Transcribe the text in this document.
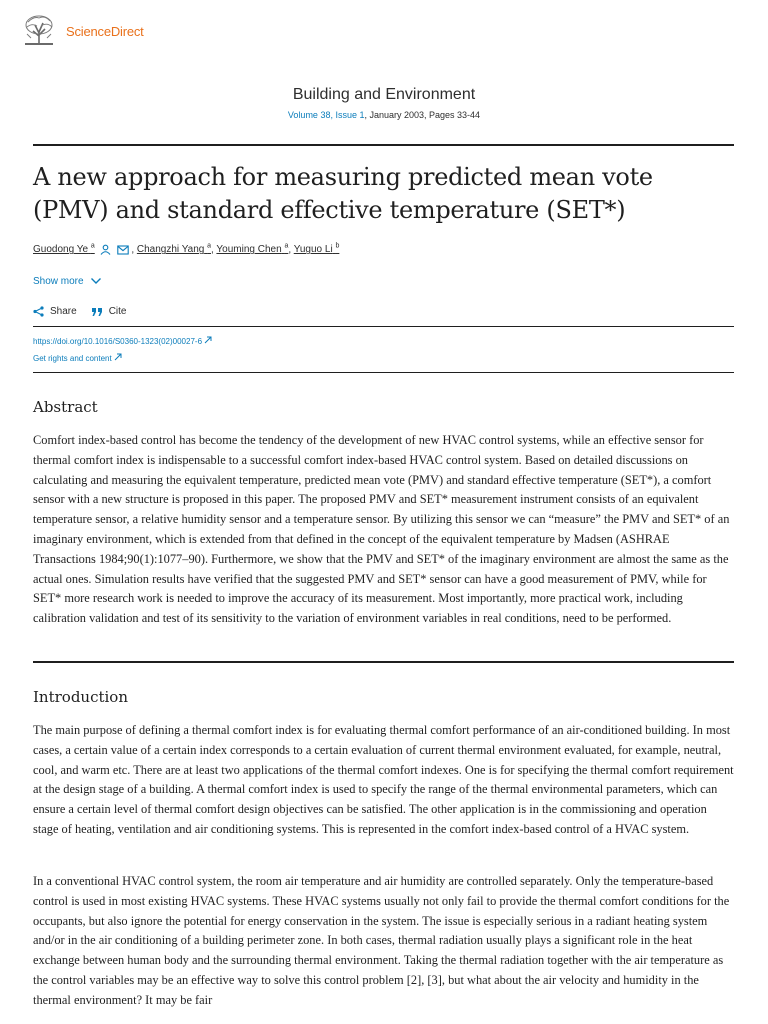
ScienceDirect
Building and Environment
Volume 38, Issue 1, January 2003, Pages 33-44
A new approach for measuring predicted mean vote (PMV) and standard effective temperature (SET*)
Guodong Ye $^a$	, Changzhi Yang $^a$, Youming Chen $^a$, Yuguo Li $^b$
Show more
Share	Cite
https://doi.org/10.1016/S0360-1323(02)00027-6
Get rights and content
Abstract

Comfort index-based control has become the tendency of the development of new HVAC control systems, while an effective sensor for thermal comfort index is indispensable to a successful comfort index-based HVAC control system. Based on detailed discussions on calculating and measuring the equivalent temperature, predicted mean vote (PMV) and standard effective temperature (SET*), a comfort sensor with a new structure is proposed in this paper. The proposed PMV and SET* measurement instrument consists of an equivalent temperature sensor, a relative humidity sensor and a temperature sensor. By utilizing this sensor we can “measure” the PMV and SET* of an imaginary environment, which is extended from that defined in the concept of the equivalent temperature by Madsen (ASHRAE Transactions 1984;90(1):1077–90). Furthermore, we show that the PMV and SET* of the imaginary environment are almost the same as the actual ones. Simulation results have verified that the suggested PMV and SET* sensor can have a good measurement of PMV, while for SET* more research work is needed to improve the accuracy of its measurement. Most importantly, more practical work, including calibration validation and test of its sensitivity to the variation of environment variables in real conditions, need to be performed.

Introduction

The main purpose of defining a thermal comfort index is for evaluating thermal comfort performance of an air-conditioned building. In most cases, a certain value of a certain index corresponds to a certain evaluation of current thermal environment evaluated, for example, neutral, cool, and warm etc. There are at least two applications of the thermal comfort indexes. One is for specifying the thermal comfort requirement at the design stage of a building. A thermal comfort index is used to specify the range of the thermal environmental parameters, which can ensure a certain level of thermal comfort design objectives can be satisfied. The other application is in the commissioning and operation stage of heating, ventilation and air conditioning systems. This is represented in the comfort index-based control of a HVAC system.

In a conventional HVAC control system, the room air temperature and air humidity are controlled separately. Only the temperature-based control is used in most existing HVAC systems. These HVAC systems usually not only fail to provide the thermal comfort conditions for the occupants, but also ignore the potential for energy conservation in the system. The issue is especially serious in a radiant heating system and/or in the air conditioning of a building perimeter zone. In both cases, thermal radiation usually plays a significant role in the heat exchange between human body and the surrounding thermal environment. Taking the thermal radiation together with the air temperature as the control variables may be an effective way to solve this control problem [2], [3], but what about the air velocity and humidity in the thermal environment? It may be fair
